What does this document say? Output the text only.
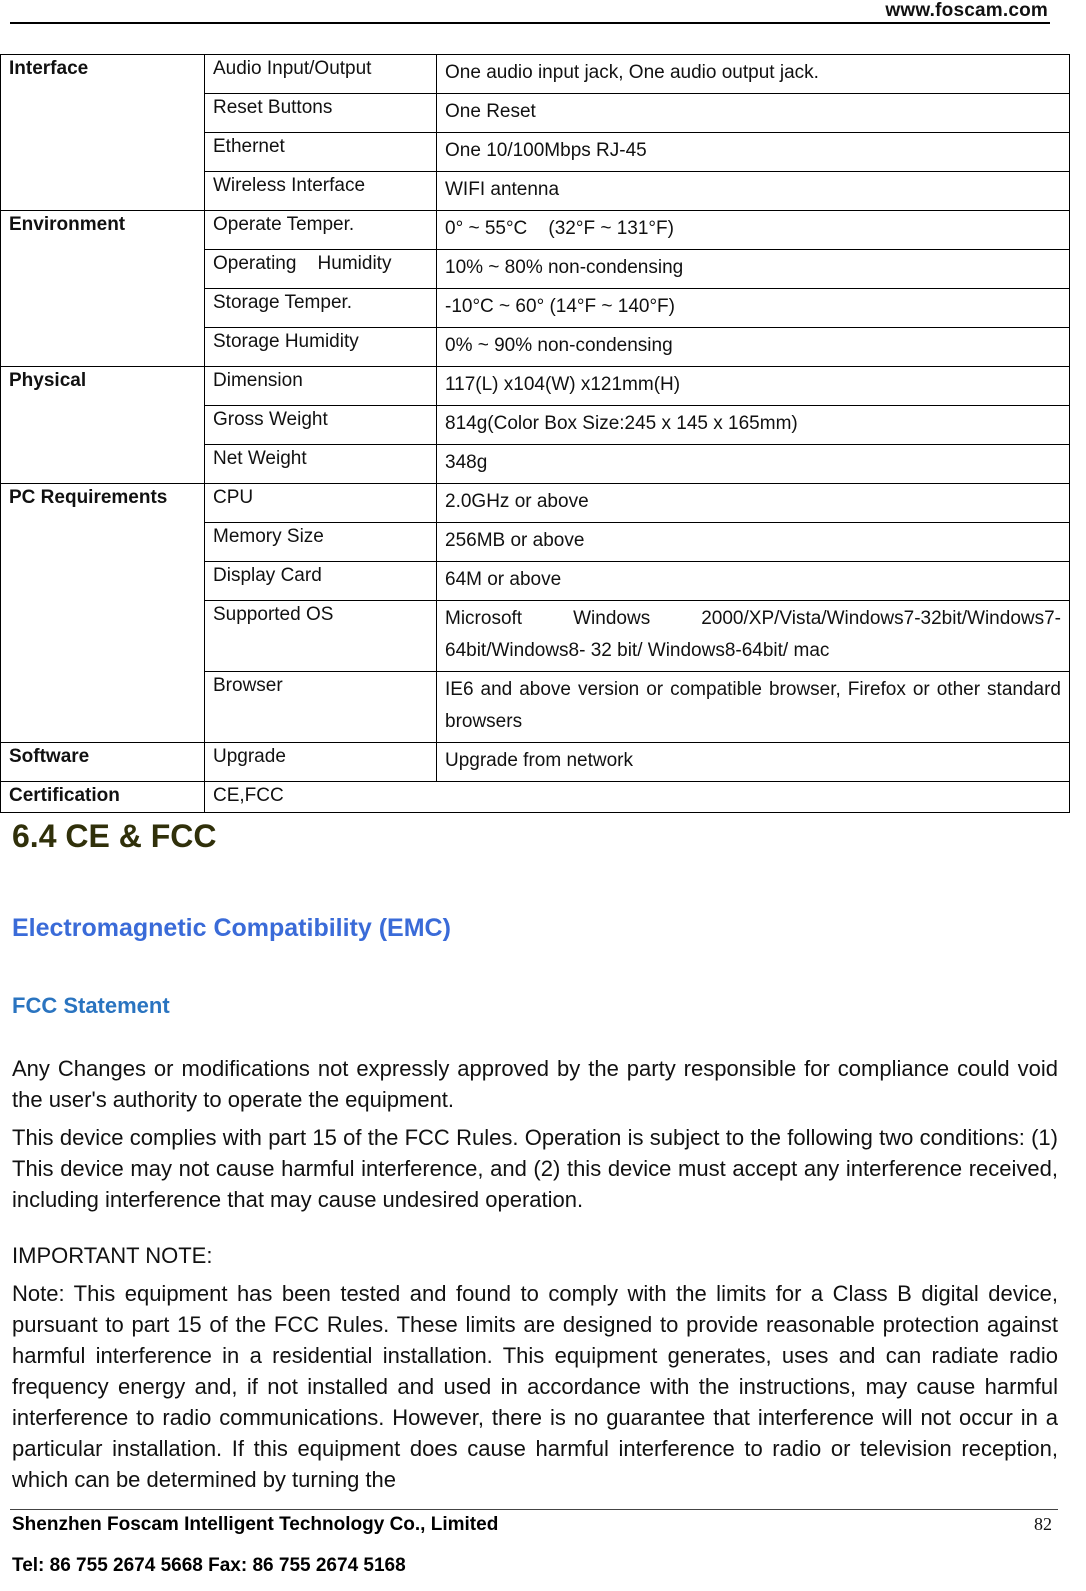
www.foscam.com
Interface	Audio Input/Output	One audio input jack, One audio output jack.
	Reset Buttons	One Reset
	Ethernet	One 10/100Mbps RJ-45
	Wireless Interface	WIFI antenna
Environment	Operate Temper.	0° ~ 55°C    (32°F ~ 131°F)
	Operating    Humidity	10% ~ 80% non-condensing
	Storage Temper.	-10°C ~ 60° (14°F ~ 140°F)
	Storage Humidity	0% ~ 90% non-condensing
Physical	Dimension	117(L) x104(W) x121mm(H)
	Gross Weight	814g(Color Box Size:245 x 145 x 165mm)
	Net Weight	348g
PC Requirements	CPU	2.0GHz or above
	Memory Size	256MB or above
	Display Card	64M or above
	Supported OS	Microsoft Windows 2000/XP/Vista/Windows7-32bit/Windows7-64bit/Windows8- 32 bit/ Windows8-64bit/ mac
	Browser	IE6 and above version or compatible browser, Firefox or other standard browsers
Software	Upgrade	Upgrade from network
Certification	CE,FCC	
6.4 CE & FCC
Electromagnetic Compatibility (EMC)
FCC Statement

Any Changes or modifications not expressly approved by the party responsible for compliance could void the user's authority to operate the equipment.

This device complies with part 15 of the FCC Rules. Operation is subject to the following two conditions: (1) This device may not cause harmful interference, and (2) this device must accept any interference received, including interference that may cause undesired operation.

IMPORTANT NOTE:

Note: This equipment has been tested and found to comply with the limits for a Class B digital device, pursuant to part 15 of the FCC Rules. These limits are designed to provide reasonable protection against harmful interference in a residential installation. This equipment generates, uses and can radiate radio frequency energy and, if not installed and used in accordance with the instructions, may cause harmful interference to radio communications. However, there is no guarantee that interference will not occur in a particular installation. If this equipment does cause harmful interference to radio or television reception, which can be determined by turning the

Shenzhen Foscam Intelligent Technology Co., Limited
Tel: 86 755 2674 5668 Fax: 86 755 2674 5168
82
